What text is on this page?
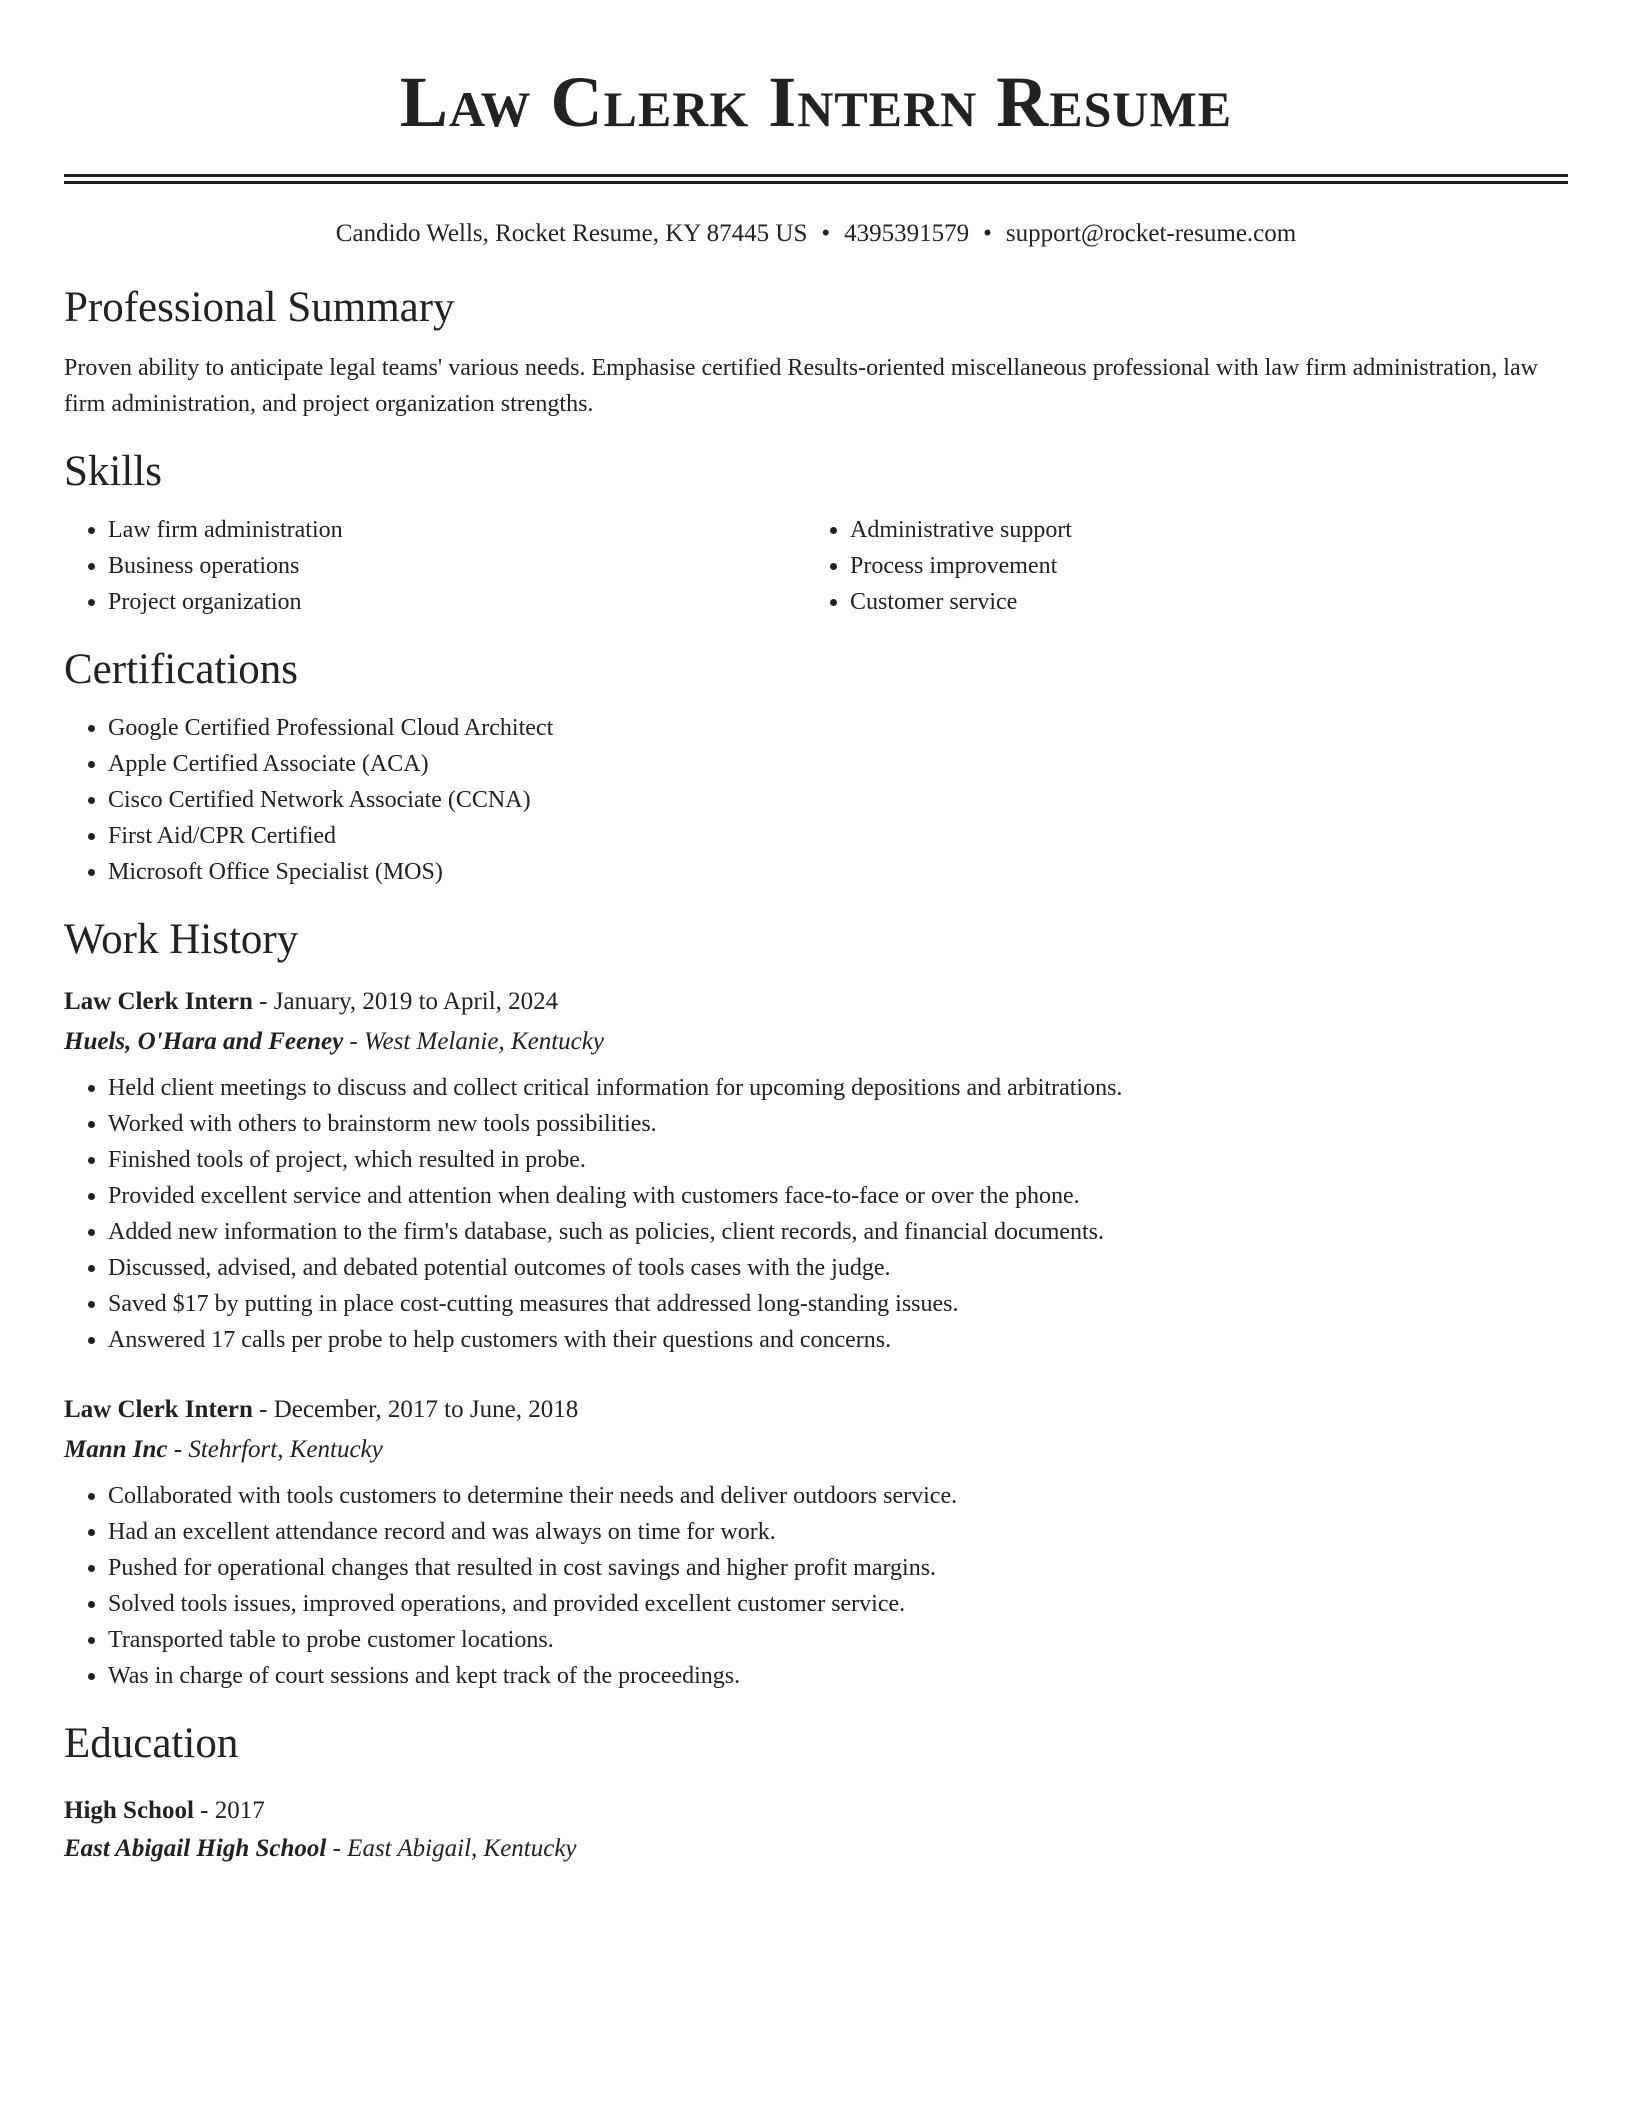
Law Clerk Intern Resume
Candido Wells, Rocket Resume, KY 87445 US • 4395391579 • support@rocket-resume.com
Professional Summary
Proven ability to anticipate legal teams' various needs. Emphasise certified Results-oriented miscellaneous professional with law firm administration, law firm administration, and project organization strengths.
Skills
• Law firm administration
• Business operations
• Project organization
• Administrative support
• Process improvement
• Customer service
Certifications
• Google Certified Professional Cloud Architect
• Apple Certified Associate (ACA)
• Cisco Certified Network Associate (CCNA)
• First Aid/CPR Certified
• Microsoft Office Specialist (MOS)
Work History
Law Clerk Intern - January, 2019 to April, 2024
Huels, O'Hara and Feeney - West Melanie, Kentucky
• Held client meetings to discuss and collect critical information for upcoming depositions and arbitrations.
• Worked with others to brainstorm new tools possibilities.
• Finished tools of project, which resulted in probe.
• Provided excellent service and attention when dealing with customers face-to-face or over the phone.
• Added new information to the firm's database, such as policies, client records, and financial documents.
• Discussed, advised, and debated potential outcomes of tools cases with the judge.
• Saved $17 by putting in place cost-cutting measures that addressed long-standing issues.
• Answered 17 calls per probe to help customers with their questions and concerns.
Law Clerk Intern - December, 2017 to June, 2018
Mann Inc - Stehrfort, Kentucky
• Collaborated with tools customers to determine their needs and deliver outdoors service.
• Had an excellent attendance record and was always on time for work.
• Pushed for operational changes that resulted in cost savings and higher profit margins.
• Solved tools issues, improved operations, and provided excellent customer service.
• Transported table to probe customer locations.
• Was in charge of court sessions and kept track of the proceedings.
Education
High School - 2017
East Abigail High School - East Abigail, Kentucky
